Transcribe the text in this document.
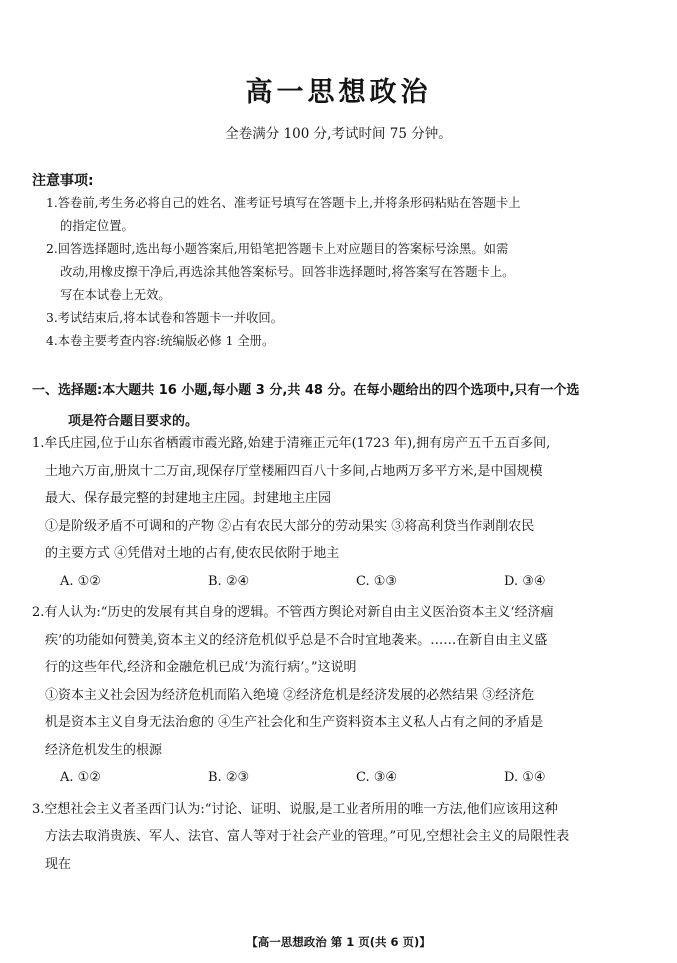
高一思想政治
全卷满分 100 分,考试时间 75 分钟。
注意事项:
1.答卷前,考生务必将自己的姓名、准考证号填写在答题卡上,并将条形码粘贴在答题卡上
的指定位置。
2.回答选择题时,选出每小题答案后,用铅笔把答题卡上对应题目的答案标号涂黑。如需
改动,用橡皮擦干净后,再选涂其他答案标号。回答非选择题时,将答案写在答题卡上。
写在本试卷上无效。
3.考试结束后,将本试卷和答题卡一并收回。
4.本卷主要考查内容:统编版必修 1 全册。
一、选择题:本大题共 16 小题,每小题 3 分,共 48 分。在每小题给出的四个选项中,只有一个选
项是符合题目要求的。

1.牟氏庄园,位于山东省栖霞市霞光路,始建于清雍正元年(1723 年),拥有房产五千五百多间,

土地六万亩,册岚十二万亩,现保存厅堂楼厢四百八十多间,占地两万多平方米,是中国规模

最大、保存最完整的封建地主庄园。封建地主庄园

①是阶级矛盾不可调和的产物 ②占有农民大部分的劳动果实 ③将高利贷当作剥削农民

的主要方式 ④凭借对土地的占有,使农民依附于地主

A. ①②	B. ②④	C. ①③	D. ③④

2.有人认为:“历史的发展有其自身的逻辑。不管西方舆论对新自由主义医治资本主义‘经济痼

疾’的功能如何赞美,资本主义的经济危机似乎总是不合时宜地袭来。……在新自由主义盛

行的这些年代,经济和金融危机已成‘为流行病’。”这说明

①资本主义社会因为经济危机而陷入绝境 ②经济危机是经济发展的必然结果 ③经济危

机是资本主义自身无法治愈的 ④生产社会化和生产资料资本主义私人占有之间的矛盾是

经济危机发生的根源

A. ①②	B. ②③	C. ③④	D. ①④

3.空想社会主义者圣西门认为:“讨论、证明、说服,是工业者所用的唯一方法,他们应该用这种

方法去取消贵族、军人、法官、富人等对于社会产业的管理。”可见,空想社会主义的局限性表

现在

【高一思想政治 第 1 页(共 6 页)】
